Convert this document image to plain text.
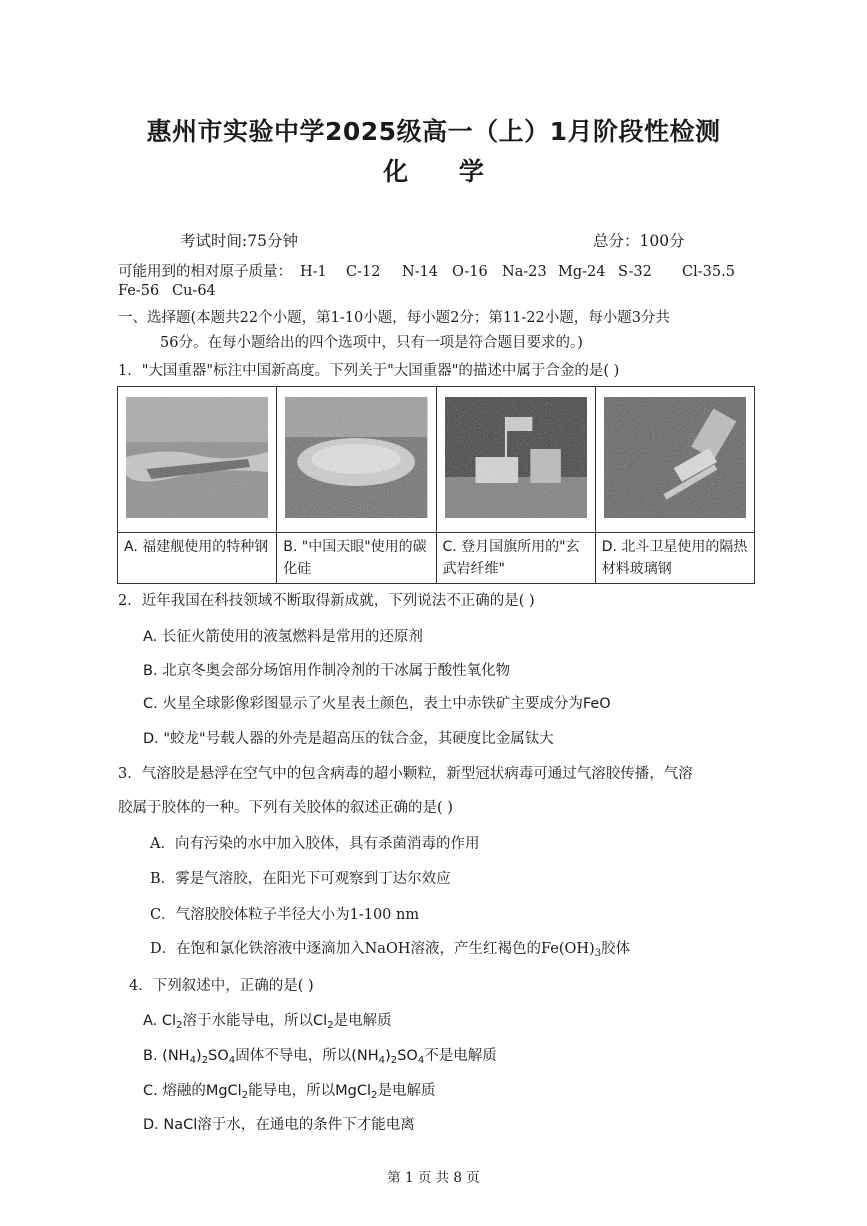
惠州市实验中学2025级高一（上）1月阶段性检测
化 学
考试时间:75分钟	总分：100分
可能用到的相对原子质量： H-1 C-12 N-14 O-16 Na-23 Mg-24 S-32 Cl-35.5
Fe-56 Cu-64
一、选择题(本题共22个小题，第1-10小题，每小题2分；第11-22小题，每小题3分共
56分。在每小题给出的四个选项中，只有一项是符合题目要求的。)
1．"大国重器"标注中国新高度。下列关于"大国重器"的描述中属于合金的是( )

A. 福建舰使用的特种钢	B. "中国天眼"使用的碳化硅	C. 登月国旗所用的"玄武岩纤维"	D. 北斗卫星使用的隔热材料玻璃钢
2．近年我国在科技领域不断取得新成就，下列说法不正确的是( )
A. 长征火箭使用的液氢燃料是常用的还原剂
B. 北京冬奥会部分场馆用作制冷剂的干冰属于酸性氧化物
C. 火星全球影像彩图显示了火星表土颜色，表土中赤铁矿主要成分为FeO
D. "蛟龙"号载人器的外壳是超高压的钛合金，其硬度比金属钛大
3．气溶胶是悬浮在空气中的包含病毒的超小颗粒，新型冠状病毒可通过气溶胶传播，气溶
胶属于胶体的一种。下列有关胶体的叙述正确的是( )
A．向有污染的水中加入胶体，具有杀菌消毒的作用
B．雾是气溶胶，在阳光下可观察到丁达尔效应
C．气溶胶胶体粒子半径大小为1-100 nm
D．在饱和氯化铁溶液中逐滴加入NaOH溶液，产生红褐色的$Fe(OH)_3$胶体
4．下列叙述中，正确的是( )
A. $Cl_2$溶于水能导电，所以$Cl_2$是电解质
B. $(NH_4)_2SO_4$固体不导电，所以$(NH_4)_2SO_4$不是电解质
C. 熔融的MgCl$_2$能导电，所以MgCl$_2$是电解质
D. NaCl溶于水，在通电的条件下才能电离
第 1 页 共 8 页
